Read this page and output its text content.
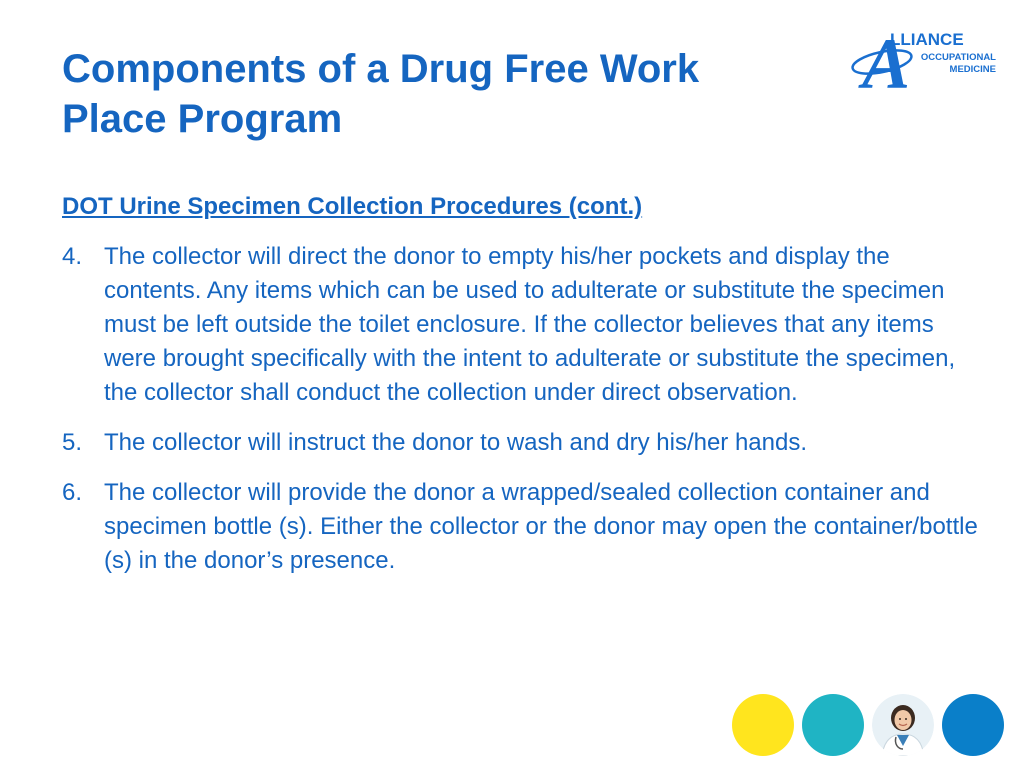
Components of a Drug Free Work
Place Program
A
LLIANCE
OCCUPATIONAL
MEDICINE
DOT Urine Specimen Collection Procedures (cont.)
4. The collector will direct the donor to empty his/her pockets and display the contents. Any items which can be used to adulterate or substitute the specimen must be left outside the toilet enclosure. If the collector believes that any items were brought specifically with the intent to adulterate or substitute the specimen, the collector shall conduct the collection under direct observation.
5. The collector will instruct the donor to wash and dry his/her hands.
6. The collector will provide the donor a wrapped/sealed collection container and specimen bottle (s). Either the collector or the donor may open the container/bottle (s) in the donor’s presence.
